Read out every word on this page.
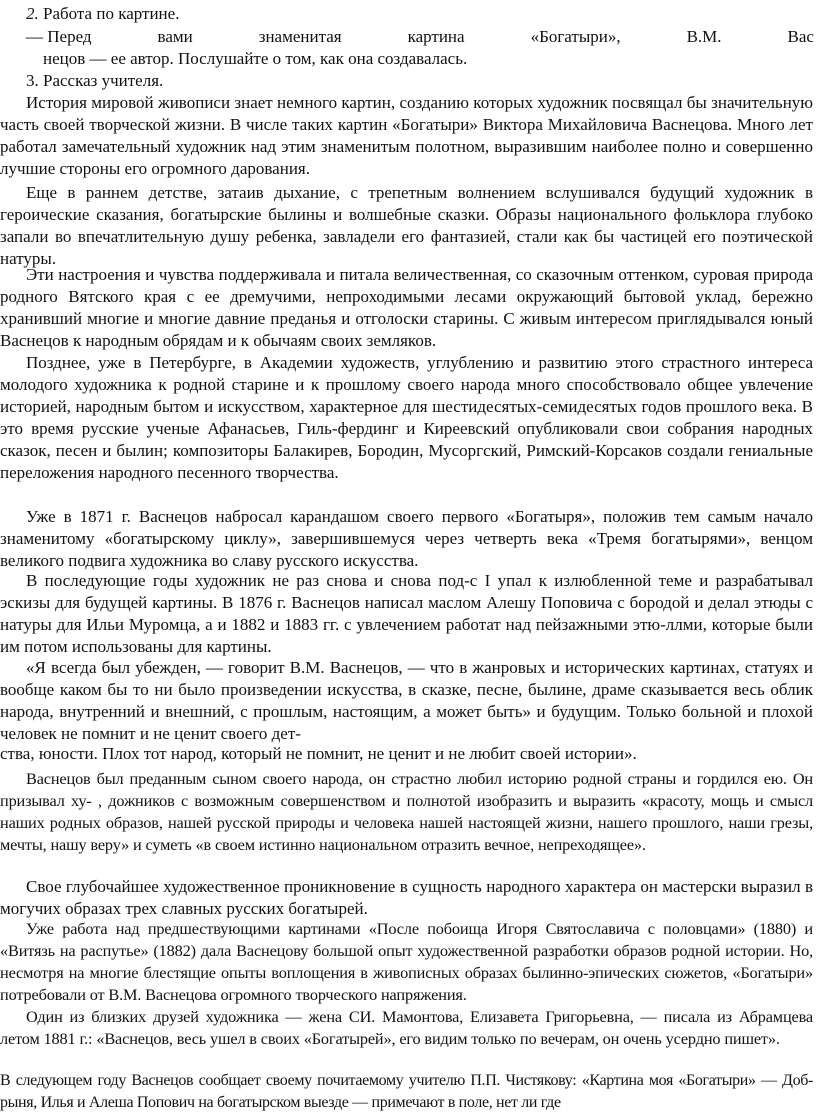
2. Работа по картине.
— Перед	вами	знаменитая	картина	«Богатыри»,	В.М.	Вас

нецов — ее автор. Послушайте о том, как она создавалась.

3. Рассказ учителя.

История мировой живописи знает немного картин, созданию которых художник посвящал бы значительную часть своей творческой жизни. В числе таких картин «Богатыри» Виктора Михайловича Васнецова. Много лет работал замечательный художник над этим знаменитым полотном, выразившим наиболее полно и совершенно лучшие стороны его огромного дарования.

Еще в раннем детстве, затаив дыхание, с трепетным волнением вслушивался будущий художник в героические сказания, богатырские былины и волшебные сказки. Образы национального фольклора глубоко запали во впечатлительную душу ребенка, завладели его фантазией, стали как бы частицей его поэтической натуры.

Эти настроения и чувства поддерживала и питала величественная, со сказочным оттенком, суровая природа родного Вятского края с ее дремучими, непроходимыми лесами окружающий бытовой уклад, бережно хранивший многие и многие давние преданья и отголоски старины. С живым интересом приглядывался юный Васнецов к народным обрядам и к обычаям своих земляков.

Позднее, уже в Петербурге, в Академии художеств, углублению и развитию этого страстного интереса молодого художника к родной старине и к прошлому своего народа много способствовало общее увлечение историей, народным бытом и искусством, характерное для шестидесятых-семидесятых годов прошлого века. В это время русские ученые Афанасьев, Гиль-фердинг и Киреевский опубликовали свои собрания народных сказок, песен и былин; композиторы Балакирев, Бородин, Мусоргский, Римский-Корсаков создали гениальные переложения народного песенного творчества.

Уже в 1871 г. Васнецов набросал карандашом своего первого «Богатыря», положив тем самым начало знаменитому «богатырскому циклу», завершившемуся через четверть века «Тремя богатырями», венцом великого подвига художника во славу русского искусства.

В последующие годы художник не раз снова и снова под-с I упал к излюбленной теме и разрабатывал эскизы для будущей картины. В 1876 г. Васнецов написал маслом Алешу Поповича с бородой и делал этюды с натуры для Ильи Муромца, а и 1882 и 1883 гг. с увлечением работат над пейзажными этю-ллми, которые были им потом использованы для картины.

«Я всегда был убежден, — говорит В.М. Васнецов, — что в жанровых и исторических картинах, статуях и вообще каком бы то ни было произведении искусства, в сказке, песне, былине, драме сказывается весь облик народа, внутренний и внешний, с прошлым, настоящим, а может быть» и будущим. Только больной и плохой человек не помнит и не ценит своего дет-

ства, юности. Плох тот народ, который не помнит, не ценит и не любит своей истории».

Васнецов был преданным сыном своего народа, он страстно любил историю родной страны и гордился ею. Он призывал ху- , дожников с возможным совершенством и полнотой изобразить и выразить «красоту, мощь и смысл наших родных образов, нашей русской природы и человека нашей настоящей жизни, нашего прошлого, наши грезы, мечты, нашу веру» и суметь «в своем истинно национальном отразить вечное, непреходящее».

Свое глубочайшее художественное проникновение в сущность народного характера он мастерски выразил в могучих образах трех славных русских богатырей.

Уже работа над предшествующими картинами «После побоища Игоря Святославича с половцами» (1880) и «Витязь на распутье» (1882) дала Васнецову большой опыт художественной разработки образов родной истории. Но, несмотря на многие блестящие опыты воплощения в живописных образах былинно-эпических сюжетов, «Богатыри» потребовали от В.М. Васнецова огромного творческого напряжения.

Один из близких друзей художника — жена СИ. Мамонтова, Елизавета Григорьевна, — писала из Абрамцева летом 1881 г.: «Васнецов, весь ушел в своих «Богатырей», его видим только по вечерам, он очень усердно пишет».

В следующем году Васнецов сообщает своему почитаемому учителю П.П. Чистякову: «Картина моя «Богатыри» — Доб-рыня, Илья и Алеша Попович на богатырском выезде — примечают в поле, нет ли где
